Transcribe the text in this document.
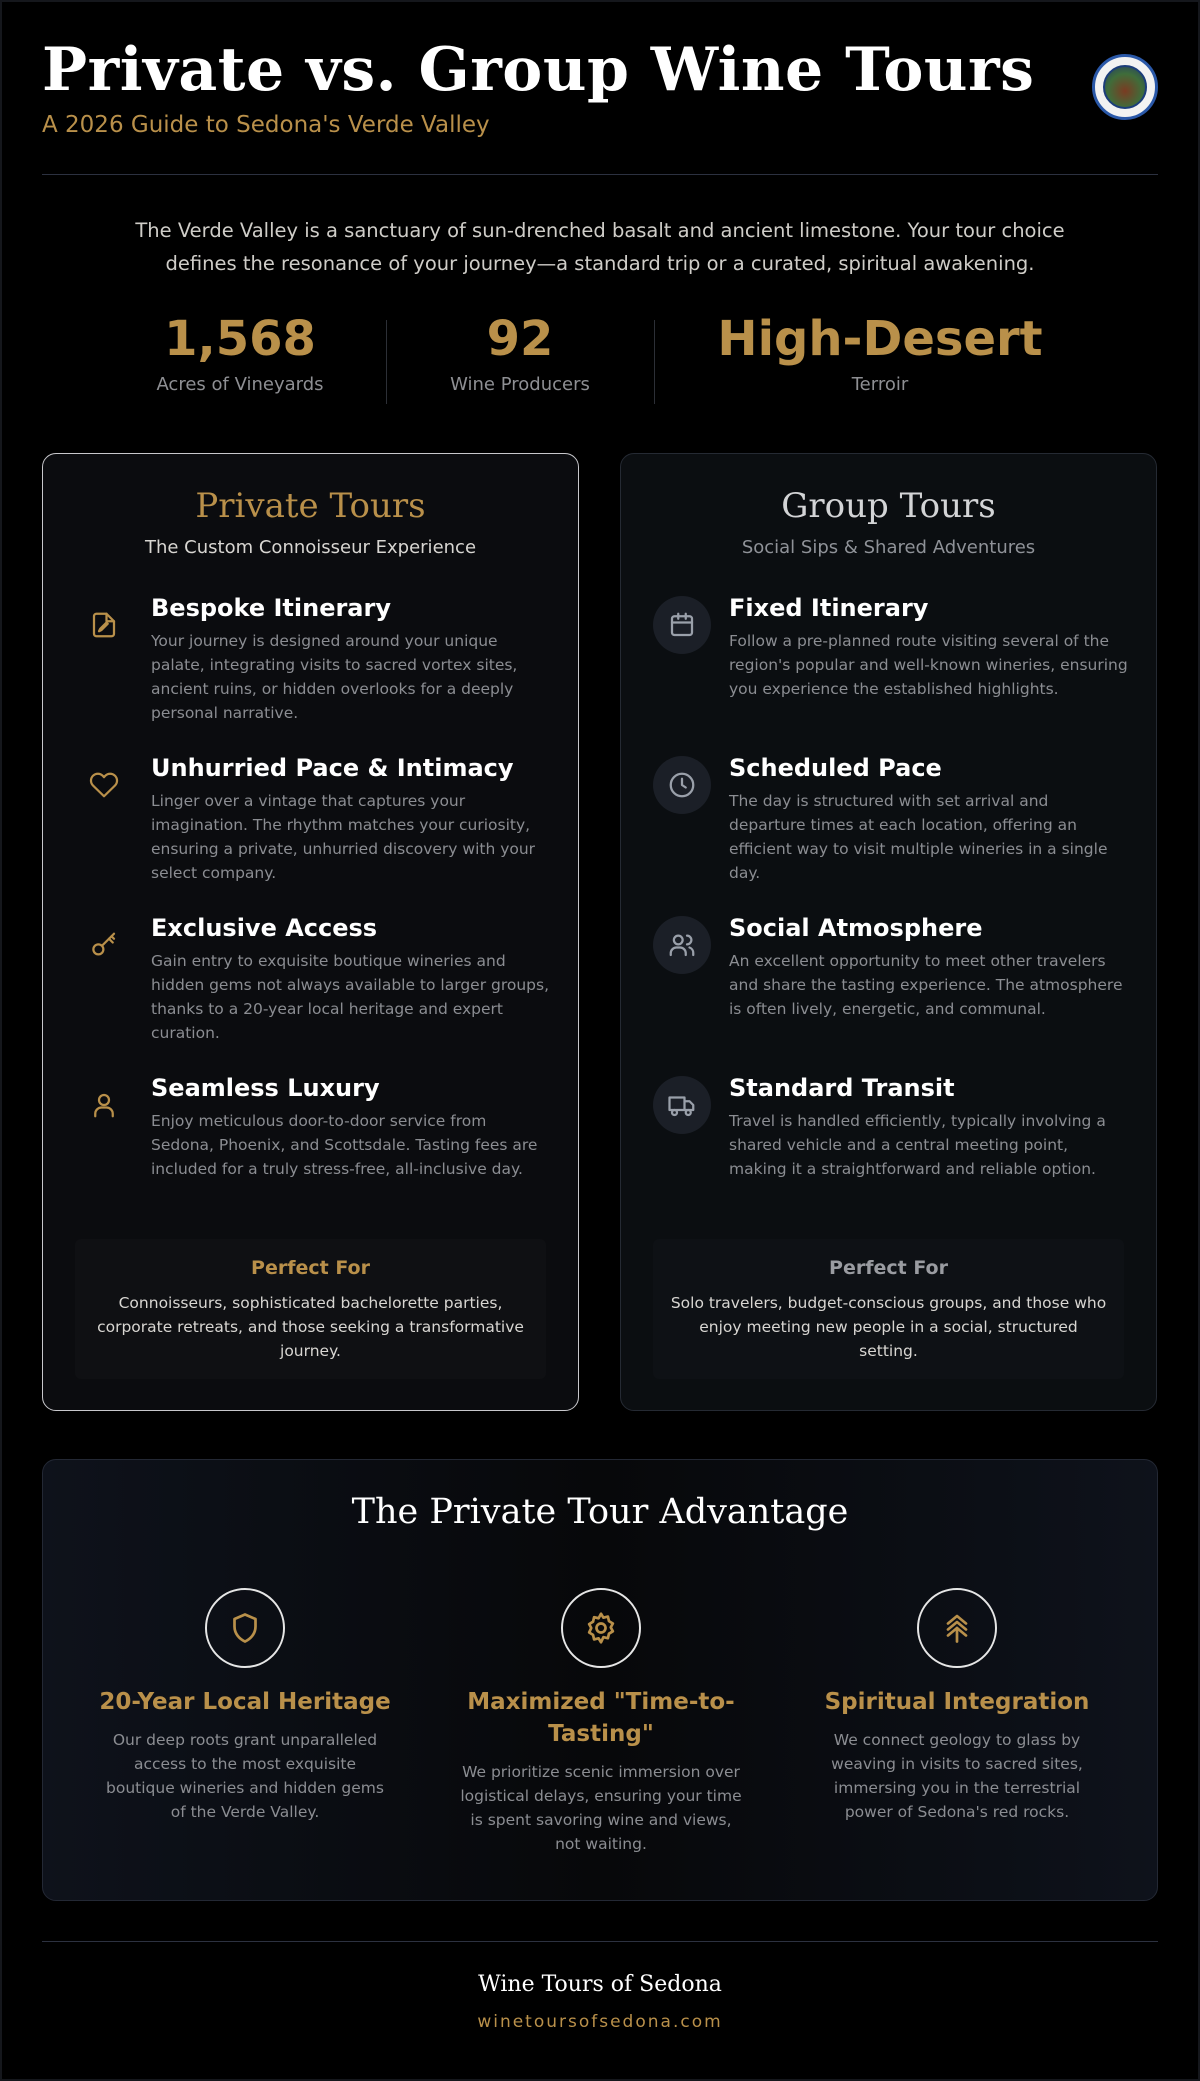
Private vs. Group Wine Tours
A 2026 Guide to Sedona's Verde Valley
The Verde Valley is a sanctuary of sun-drenched basalt and ancient limestone. Your tour choice defines the resonance of your journey—a standard trip or a curated, spiritual awakening.
1,568
Acres of Vineyards
92
Wine Producers
High-Desert
Terroir
Private Tours
The Custom Connoisseur Experience
Bespoke Itinerary
Your journey is designed around your unique palate, integrating visits to sacred vortex sites, ancient ruins, or hidden overlooks for a deeply personal narrative.
Unhurried Pace & Intimacy
Linger over a vintage that captures your imagination. The rhythm matches your curiosity, ensuring a private, unhurried discovery with your select company.
Exclusive Access
Gain entry to exquisite boutique wineries and hidden gems not always available to larger groups, thanks to a 20-year local heritage and expert curation.
Seamless Luxury
Enjoy meticulous door-to-door service from Sedona, Phoenix, and Scottsdale. Tasting fees are included for a truly stress-free, all-inclusive day.
Perfect For
Connoisseurs, sophisticated bachelorette parties, corporate retreats, and those seeking a transformative journey.
Group Tours
Social Sips & Shared Adventures
Fixed Itinerary
Follow a pre-planned route visiting several of the region's popular and well-known wineries, ensuring you experience the established highlights.
Scheduled Pace
The day is structured with set arrival and departure times at each location, offering an efficient way to visit multiple wineries in a single day.
Social Atmosphere
An excellent opportunity to meet other travelers and share the tasting experience. The atmosphere is often lively, energetic, and communal.
Standard Transit
Travel is handled efficiently, typically involving a shared vehicle and a central meeting point, making it a straightforward and reliable option.
Perfect For
Solo travelers, budget-conscious groups, and those who enjoy meeting new people in a social, structured setting.
The Private Tour Advantage
20-Year Local Heritage
Our deep roots grant unparalleled access to the most exquisite boutique wineries and hidden gems of the Verde Valley.
Maximized "Time-to-Tasting"
We prioritize scenic immersion over logistical delays, ensuring your time is spent savoring wine and views, not waiting.
Spiritual Integration
We connect geology to glass by weaving in visits to sacred sites, immersing you in the terrestrial power of Sedona's red rocks.
Wine Tours of Sedona
winetoursofsedona.com
